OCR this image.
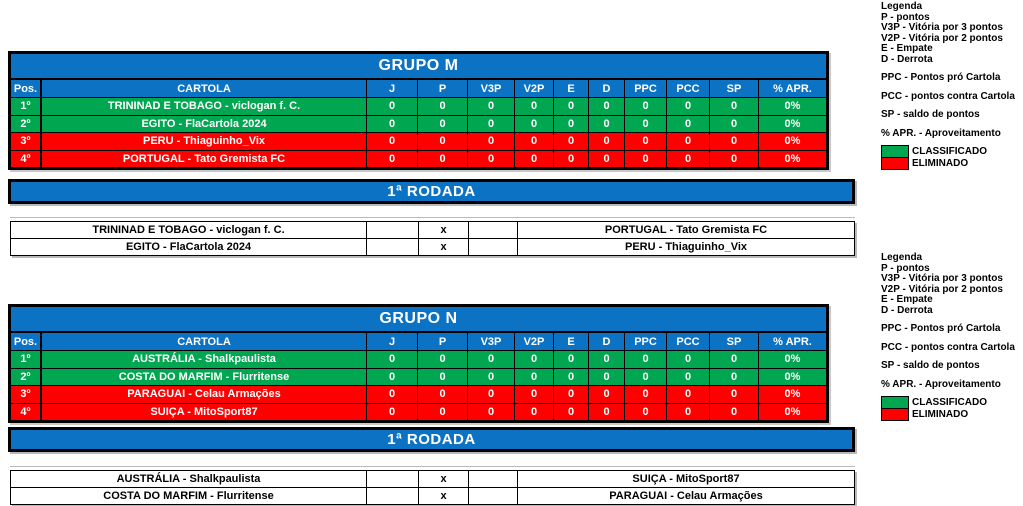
GRUPO M
Pos.	CARTOLA	J	P	V3P	V2P	E	D	PPC	PCC	SP	% APR.
1º	TRININAD E TOBAGO - viclogan f. C.	0	0	0	0	0	0	0	0	0	0%
2º	EGITO - FlaCartola 2024	0	0	0	0	0	0	0	0	0	0%
3º	PERU - Thiaguinho_Vix	0	0	0	0	0	0	0	0	0	0%
4º	PORTUGAL - Tato Gremista FC	0	0	0	0	0	0	0	0	0	0%
1ª RODADA
TRININAD E TOBAGO - viclogan f. C.	x	PORTUGAL - Tato Gremista FC
EGITO - FlaCartola 2024	x	PERU - Thiaguinho_Vix
Legenda
P - pontos
V3P - Vitória por 3 pontos
V2P - Vitória por 2 pontos
E - Empate
D - Derrota
PPC - Pontos pró Cartola
PCC - pontos contra Cartola
SP - saldo de pontos
% APR. - Aproveitamento
CLASSIFICADO
ELIMINADO
GRUPO N
Pos.	CARTOLA	J	P	V3P	V2P	E	D	PPC	PCC	SP	% APR.
1º	AUSTRÁLIA - Shalkpaulista	0	0	0	0	0	0	0	0	0	0%
2º	COSTA DO MARFIM - Flurritense	0	0	0	0	0	0	0	0	0	0%
3º	PARAGUAI - Celau Armações	0	0	0	0	0	0	0	0	0	0%
4º	SUIÇA - MitoSport87	0	0	0	0	0	0	0	0	0	0%
1ª RODADA
AUSTRÁLIA - Shalkpaulista	x	SUIÇA - MitoSport87
COSTA DO MARFIM - Flurritense	x	PARAGUAI - Celau Armações
Legenda
P - pontos
V3P - Vitória por 3 pontos
V2P - Vitória por 2 pontos
E - Empate
D - Derrota
PPC - Pontos pró Cartola
PCC - pontos contra Cartola
SP - saldo de pontos
% APR. - Aproveitamento
CLASSIFICADO
ELIMINADO
